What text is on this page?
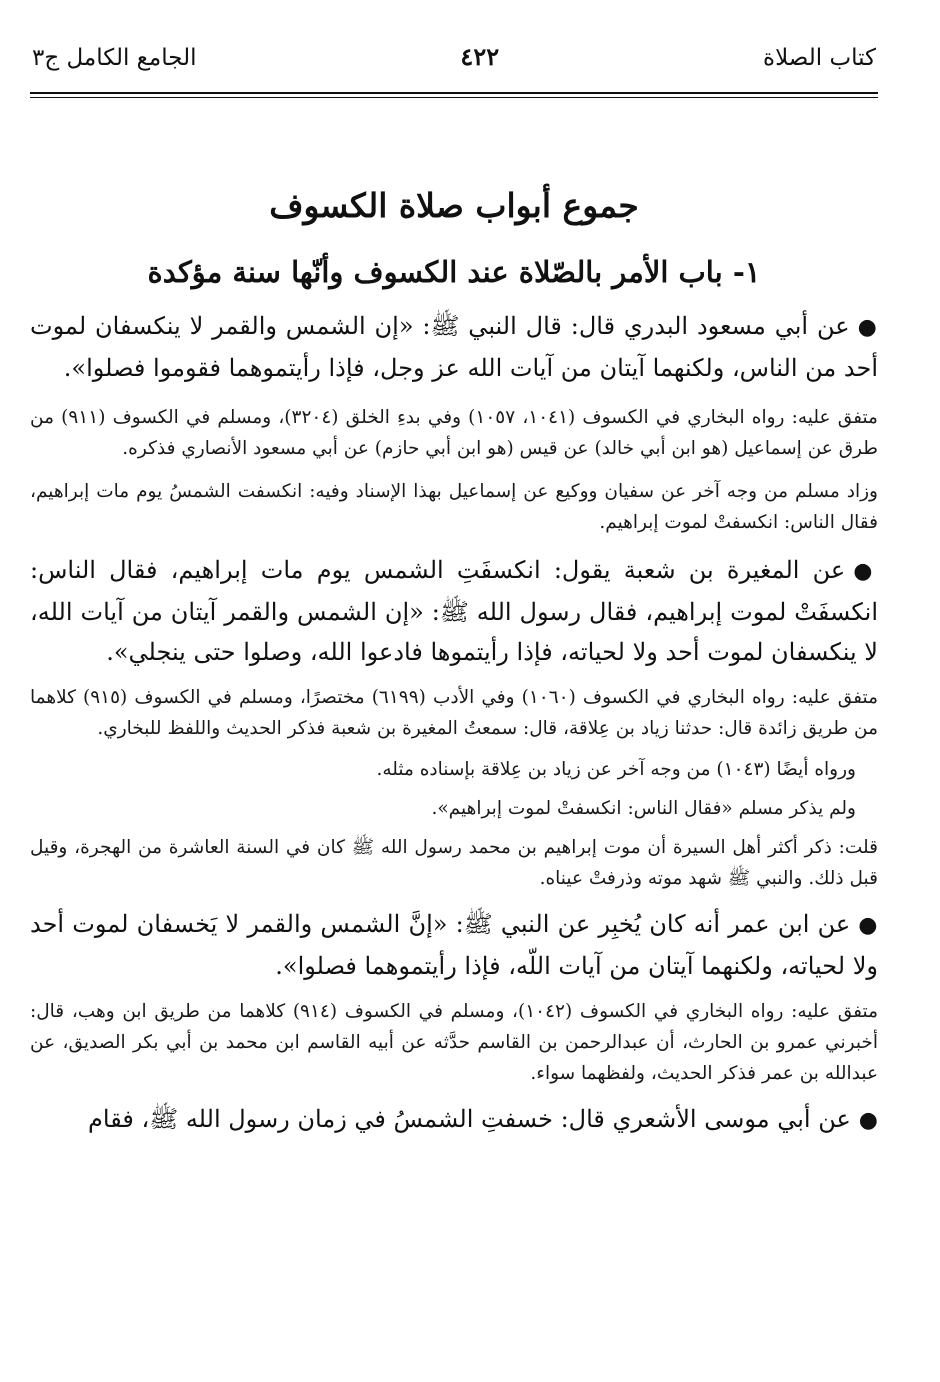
كتاب الصلاة
٤٢٢
الجامع الكامل ج٣
جموع أبواب صلاة الكسوف
١- باب الأمر بالصّلاة عند الكسوف وأنّها سنة مؤكدة

●عن أبي مسعود البدري قال: قال النبي ﷺ: «إن الشمس والقمر لا ينكسفان لموت أحد من الناس، ولكنهما آيتان من آيات الله عز وجل، فإذا رأيتموهما فقوموا فصلوا».

متفق عليه: رواه البخاري في الكسوف (١٠٤١، ١٠٥٧) وفي بدءِ الخلق (٣٢٠٤)، ومسلم في الكسوف (٩١١) من طرق عن إسماعيل (هو ابن أبي خالد) عن قيس (هو ابن أبي حازم) عن أبي مسعود الأنصاري فذكره.

وزاد مسلم من وجه آخر عن سفيان ووكيع عن إسماعيل بهذا الإسناد وفيه: انكسفت الشمسُ يوم مات إبراهيم، فقال الناس: انكسفتْ لموت إبراهيم.

●عن المغيرة بن شعبة يقول: انكسفَتِ الشمس يوم مات إبراهيم، فقال الناس: انكسفَتْ لموت إبراهيم، فقال رسول الله ﷺ: «إن الشمس والقمر آيتان من آيات الله، لا ينكسفان لموت أحد ولا لحياته، فإذا رأيتموها فادعوا الله، وصلوا حتى ينجلي».

متفق عليه: رواه البخاري في الكسوف (١٠٦٠) وفي الأدب (٦١٩٩) مختصرًا، ومسلم في الكسوف (٩١٥) كلاهما من طريق زائدة قال: حدثنا زياد بن عِلاقة، قال: سمعتُ المغيرة بن شعبة فذكر الحديث واللفظ للبخاري.

ورواه أيضًا (١٠٤٣) من وجه آخر عن زياد بن عِلاقة بإسناده مثله.

ولم يذكر مسلم «فقال الناس: انكسفتْ لموت إبراهيم».

قلت: ذكر أكثر أهل السيرة أن موت إبراهيم بن محمد رسول الله ﷺ كان في السنة العاشرة من الهجرة، وقيل قبل ذلك. والنبي ﷺ شهد موته وذرفتْ عيناه.

●عن ابن عمر أنه كان يُخبِر عن النبي ﷺ: «إنَّ الشمس والقمر لا يَخسفان لموت أحد ولا لحياته، ولكنهما آيتان من آيات اللّه، فإذا رأيتموهما فصلوا».

متفق عليه: رواه البخاري في الكسوف (١٠٤٢)، ومسلم في الكسوف (٩١٤) كلاهما من طريق ابن وهب، قال: أخبرني عمرو بن الحارث، أن عبدالرحمن بن القاسم حدَّثه عن أبيه القاسم ابن محمد بن أبي بكر الصديق، عن عبدالله بن عمر فذكر الحديث، ولفظهما سواء.

●عن أبي موسى الأشعري قال: خسفتِ الشمسُ في زمان رسول الله ﷺ، فقام
